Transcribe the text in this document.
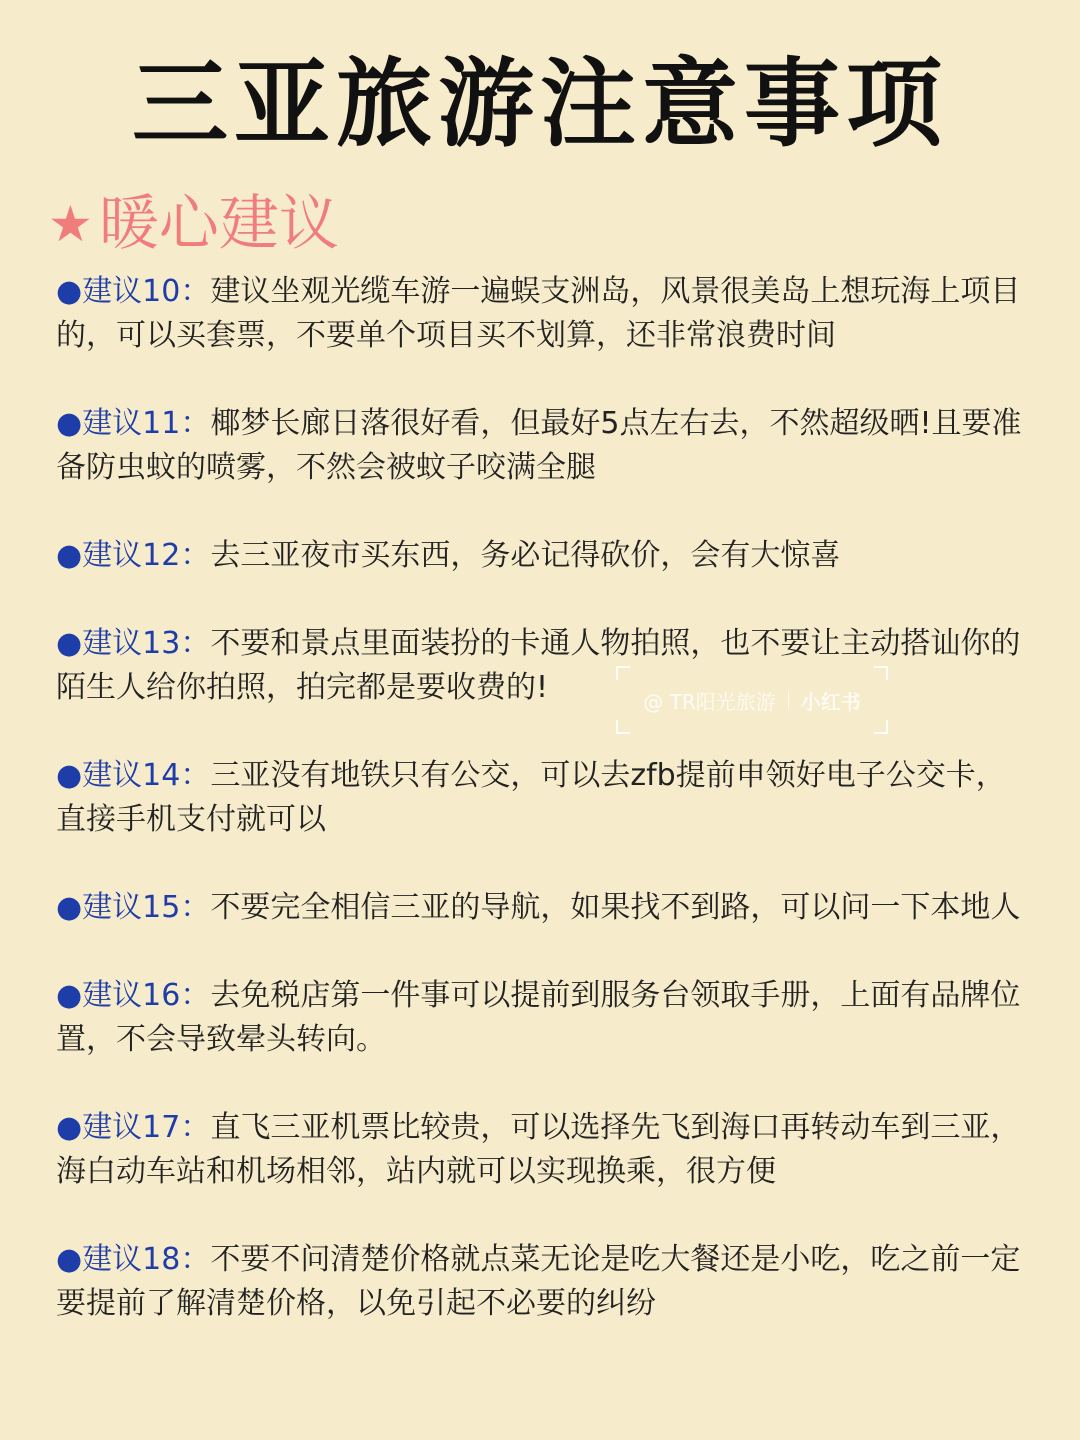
三亚旅游注意事项
★ 暖心建议
●建议10：建议坐观光缆车游一遍蜈支洲岛，风景很美岛上想玩海上项目的，可以买套票，不要单个项目买不划算，还非常浪费时间
●建议11：椰梦长廊日落很好看，但最好5点左右去，不然超级晒!且要准备防虫蚊的喷雾，不然会被蚊子咬满全腿
●建议12：去三亚夜市买东西，务必记得砍价，会有大惊喜
●建议13：不要和景点里面装扮的卡通人物拍照，也不要让主动搭讪你的陌生人给你拍照，拍完都是要收费的!
●建议14：三亚没有地铁只有公交，可以去zfb提前申领好电子公交卡，直接手机支付就可以
●建议15：不要完全相信三亚的导航，如果找不到路，可以问一下本地人
●建议16：去免税店第一件事可以提前到服务台领取手册，上面有品牌位置，不会导致晕头转向。
●建议17：直飞三亚机票比较贵，可以选择先飞到海口再转动车到三亚，海白动车站和机场相邻，站内就可以实现换乘，很方便
●建议18：不要不问清楚价格就点菜无论是吃大餐还是小吃，吃之前一定要提前了解清楚价格，以免引起不必要的纠纷
@ TR阳光旅游 小红书
